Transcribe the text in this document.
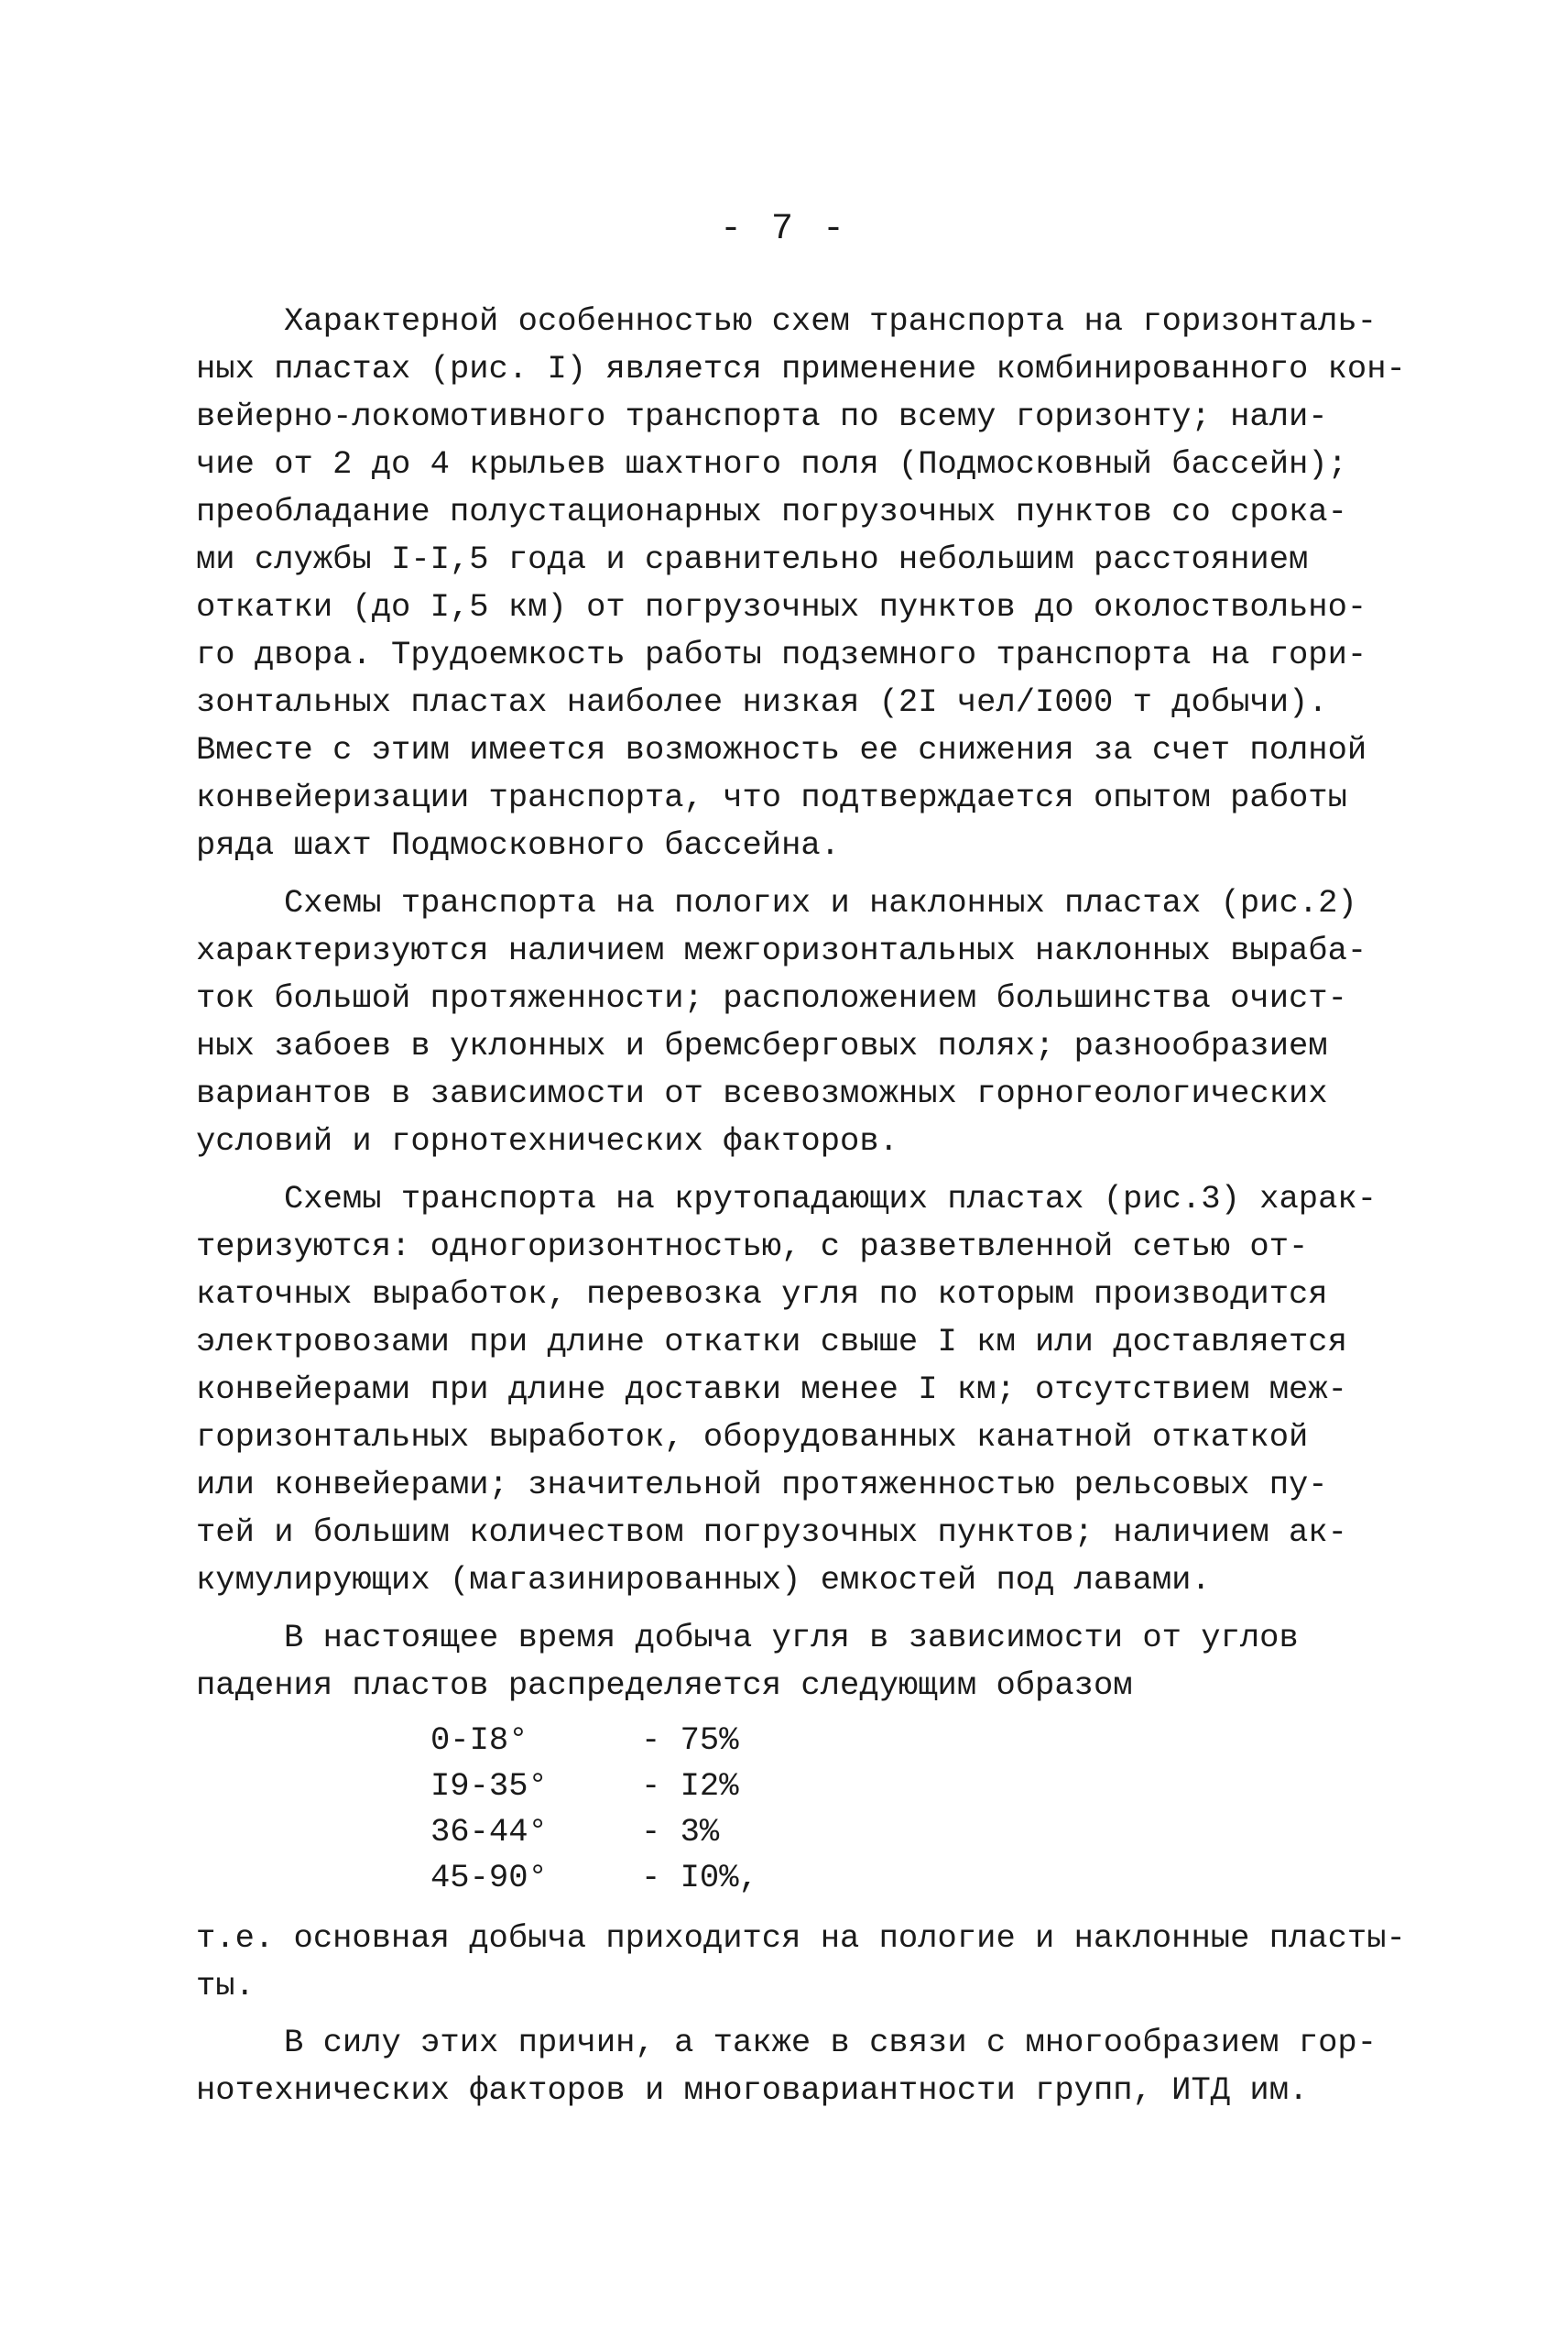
- 7 -
Характерной особенностью схем транспорта на горизонталь-
ных пластах (рис. I) является применение комбинированного кон-
вейерно-локомотивного транспорта по всему горизонту; нали-
чие от 2 до 4 крыльев шахтного поля (Подмосковный бассейн);
преобладание полустационарных погрузочных пунктов со срока-
ми службы I-I,5 года и сравнительно небольшим расстоянием
откатки (до I,5 км) от погрузочных пунктов до околоствольно-
го двора. Трудоемкость работы подземного транспорта на гори-
зонтальных пластах наиболее низкая (2I чел/I000 т добычи).
Вместе с этим имеется возможность ее снижения за счет полной
конвейеризации транспорта, что подтверждается опытом работы
ряда шахт Подмосковного бассейна.
Схемы транспорта на пологих и наклонных пластах (рис.2)
характеризуются наличием межгоризонтальных наклонных выраба-
ток большой протяженности; расположением большинства очист-
ных забоев в уклонных и бремсберговых полях; разнообразием
вариантов в зависимости от всевозможных горногеологических
условий и горнотехнических факторов.
Схемы транспорта на крутопадающих пластах (рис.3) харак-
теризуются: одногоризонтностью, с разветвленной сетью от-
каточных выработок, перевозка угля по которым производится
электровозами при длине откатки свыше I км или доставляется
конвейерами при длине доставки менее I км; отсутствием меж-
горизонтальных выработок, оборудованных канатной откаткой
или конвейерами; значительной протяженностью рельсовых пу-
тей и большим количеством погрузочных пунктов; наличием ак-
кумулирующих (магазинированных) емкостей под лавами.
В настоящее время добыча угля в зависимости от углов
падения пластов распределяется следующим образом
0-I8°	- 75%
I9-35°	- I2%
36-44°	- 3%
45-90°	- I0%,
т.е. основная добыча приходится на пологие и наклонные пласты-
ты.
В силу этих причин, а также в связи с многообразием гор-
нотехнических факторов и многовариантности групп, ИТД им.
